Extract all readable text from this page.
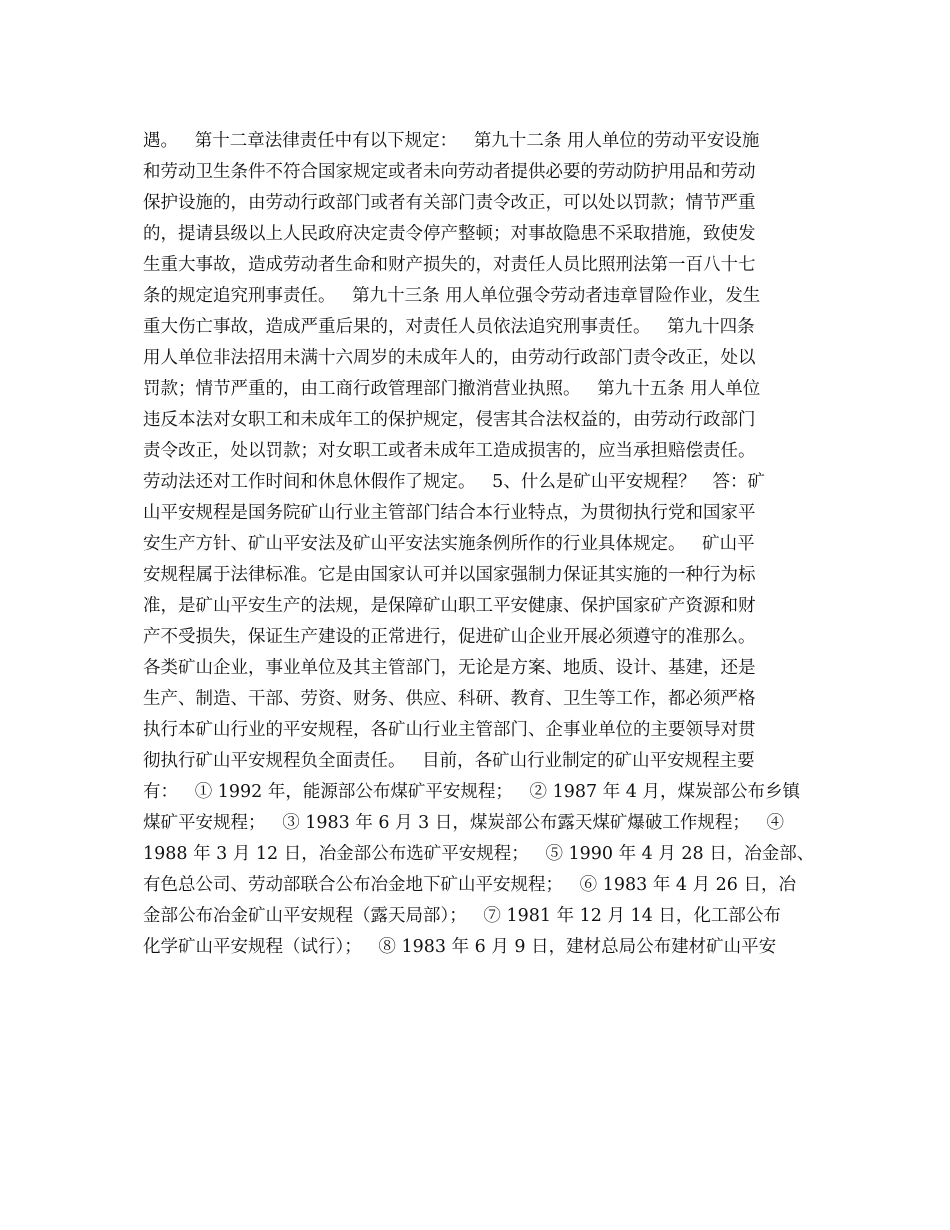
遇。   第十二章法律责任中有以下规定：   第九十二条 用人单位的劳动平安设施
和劳动卫生条件不符合国家规定或者未向劳动者提供必要的劳动防护用品和劳动
保护设施的，由劳动行政部门或者有关部门责令改正，可以处以罚款；情节严重
的，提请县级以上人民政府决定责令停产整顿；对事故隐患不采取措施，致使发
生重大事故，造成劳动者生命和财产损失的，对责任人员比照刑法第一百八十七
条的规定追究刑事责任。   第九十三条 用人单位强令劳动者违章冒险作业，发生
重大伤亡事故，造成严重后果的，对责任人员依法追究刑事责任。   第九十四条
用人单位非法招用未满十六周岁的未成年人的，由劳动行政部门责令改正，处以
罚款；情节严重的，由工商行政管理部门撤消营业执照。   第九十五条 用人单位
违反本法对女职工和未成年工的保护规定，侵害其合法权益的，由劳动行政部门
责令改正，处以罚款；对女职工或者未成年工造成损害的，应当承担赔偿责任。
劳动法还对工作时间和休息休假作了规定。   5、什么是矿山平安规程？   答：矿
山平安规程是国务院矿山行业主管部门结合本行业特点，为贯彻执行党和国家平
安生产方针、矿山平安法及矿山平安法实施条例所作的行业具体规定。   矿山平
安规程属于法律标准。它是由国家认可并以国家强制力保证其实施的一种行为标
准，是矿山平安生产的法规，是保障矿山职工平安健康、保护国家矿产资源和财
产不受损失，保证生产建设的正常进行，促进矿山企业开展必须遵守的准那么。
各类矿山企业，事业单位及其主管部门，无论是方案、地质、设计、基建，还是
生产、制造、干部、劳资、财务、供应、科研、教育、卫生等工作，都必须严格
执行本矿山行业的平安规程，各矿山行业主管部门、企事业单位的主要领导对贯
彻执行矿山平安规程负全面责任。   目前，各矿山行业制定的矿山平安规程主要
有：   ① 1992 年，能源部公布煤矿平安规程；   ② 1987 年 4 月，煤炭部公布乡镇
煤矿平安规程；   ③ 1983 年 6 月 3 日，煤炭部公布露天煤矿爆破工作规程；   ④
1988 年 3 月 12 日，冶金部公布选矿平安规程；   ⑤ 1990 年 4 月 28 日，冶金部、
有色总公司、劳动部联合公布冶金地下矿山平安规程；   ⑥ 1983 年 4 月 26 日，冶
金部公布冶金矿山平安规程（露天局部）；   ⑦ 1981 年 12 月 14 日，化工部公布
化学矿山平安规程（试行）；   ⑧ 1983 年 6 月 9 日，建材总局公布建材矿山平安
